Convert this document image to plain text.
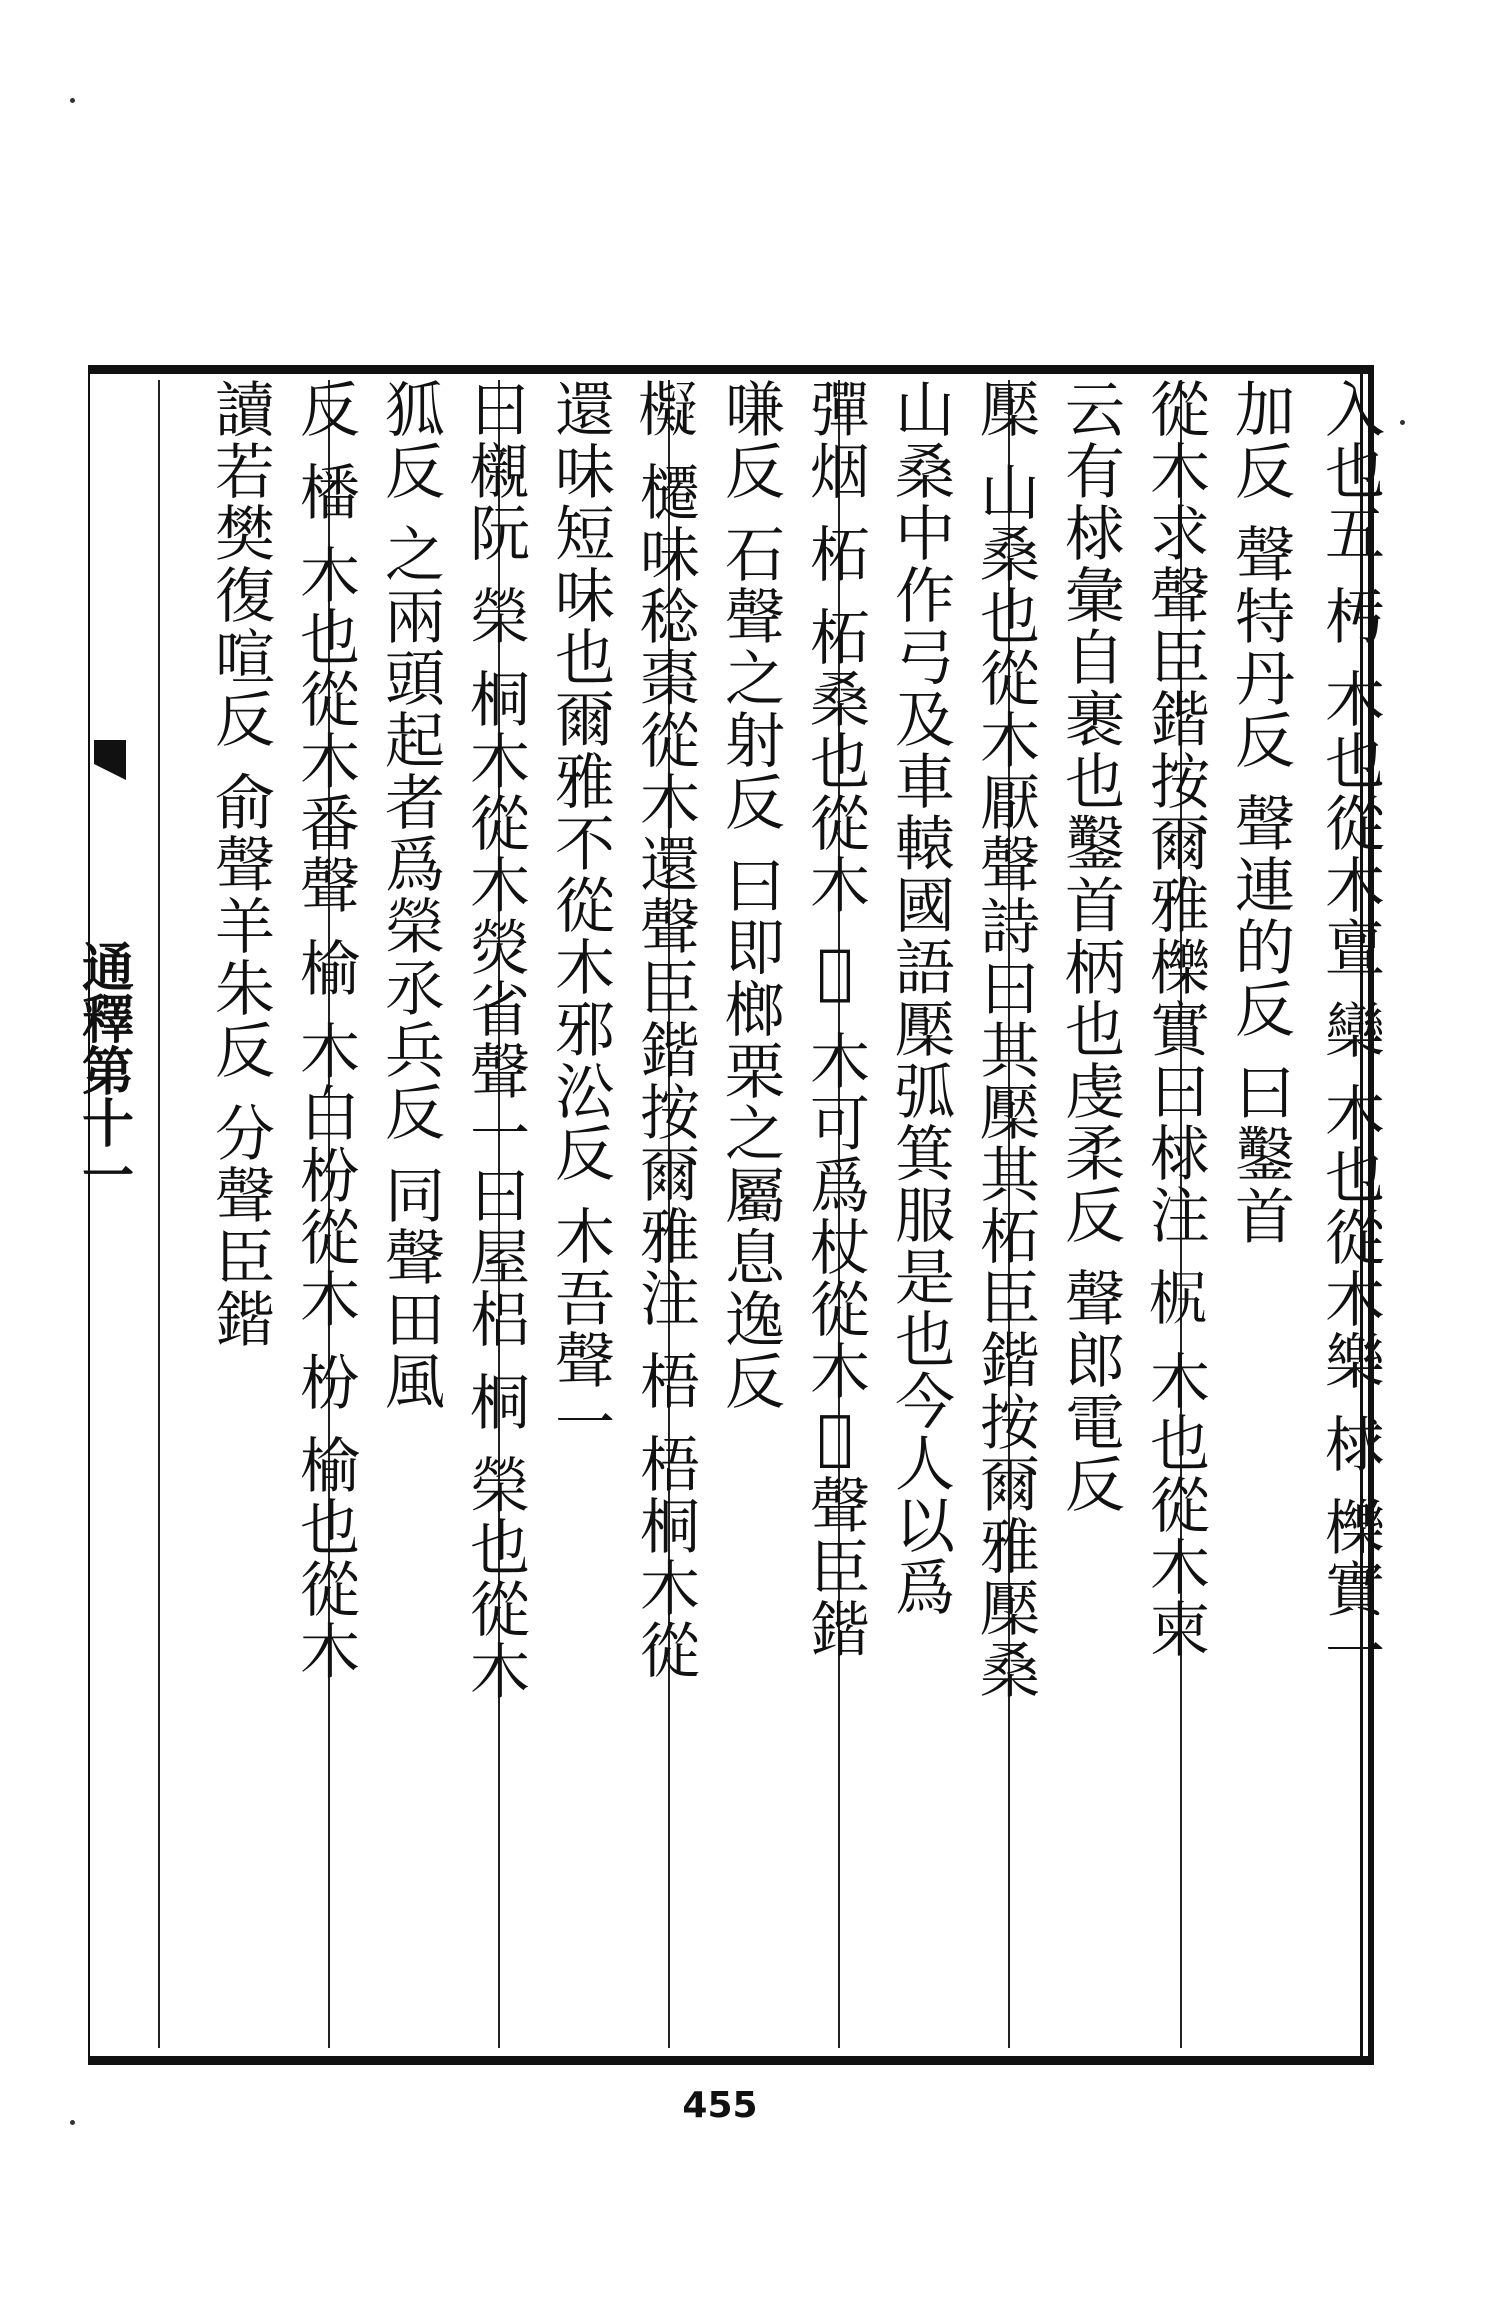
通釋第十一	入也五 𣏓 木也從木亶 欒 木也從木樂 梂 櫟實一
加反 聲特丹反 聲連的反 曰鑿首
從木求聲臣鍇按爾雅櫟實曰梂注 𣐊 木也從木柬
云有梂彙自裹也鑿首柄也虔柔反 聲郎電反
檿 山桑也從木厭聲詩曰其檿其柘臣鍇按爾雅檿桑
山桑中作弓及車轅國語檿弧箕服是也今人以爲
彈烟 柘 柘桑也從木 𣘊 木可爲杖從木𠡠聲臣鍇
嗛反 石聲之射反 曰即榔栗之屬息逸反
𣝅 櫏味稔棗從木還聲臣鍇按爾雅注 梧 梧桐木從
還味短味也爾雅不從木邪㳂反 木吾聲一
曰櫬阮 榮 桐木從木熒省聲一曰屋梠 桐 榮也從木
狐反 之兩頭起者爲榮氶兵反 同聲田風
反 橎 木也從木番聲 榆 木白枌從木 枌 榆也從木
讀若樊復喧反 俞聲羊朱反 分聲臣鍇
455
